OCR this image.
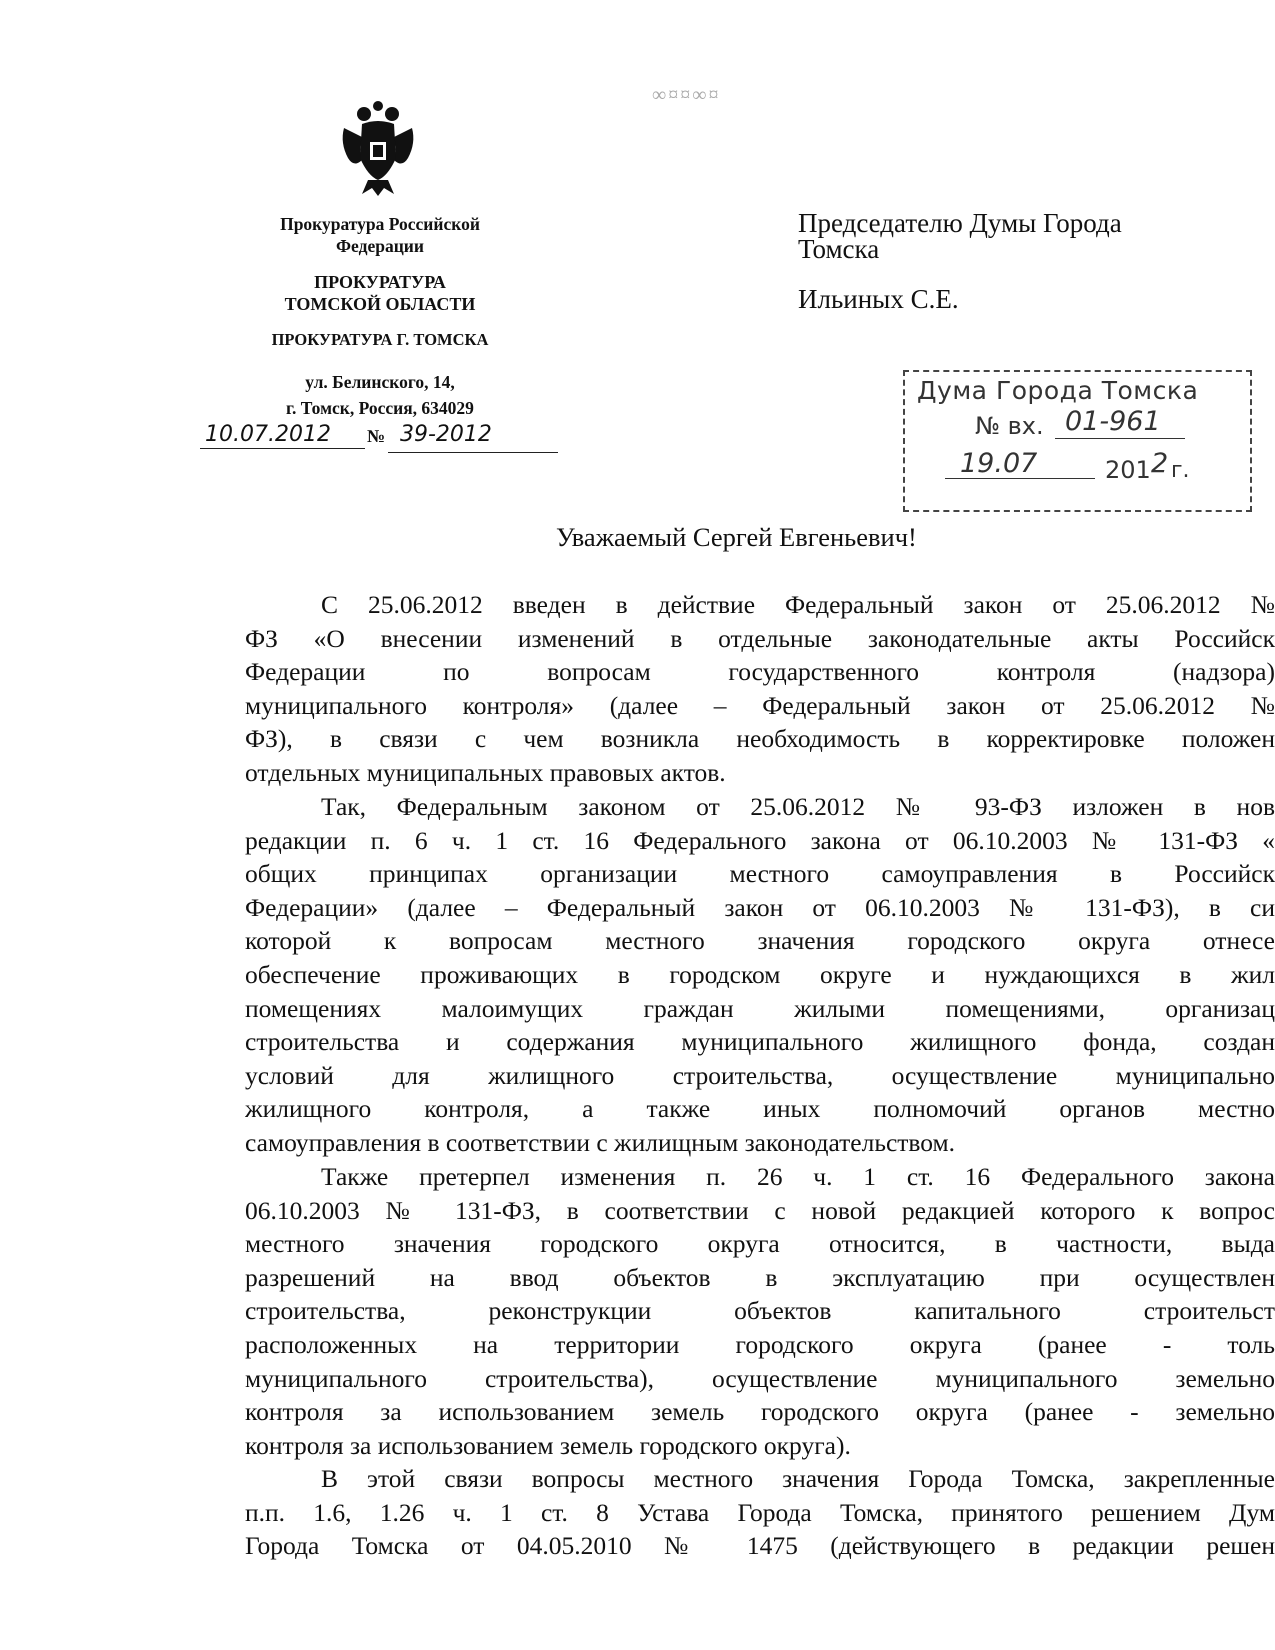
∞¤¤∞¤
Прокуратура Российской
Федерации
ПРОКУРАТУРА
ТОМСКОЙ ОБЛАСТИ
ПРОКУРАТУРА Г. ТОМСКА
ул. Белинского, 14,
г. Томск, Россия, 634029
10.07.2012 № 39-2012
Председателю Думы Города
Томска
Ильиных С.Е.
Дума Города Томска
№ вх. 01-961
19.07	201 2 г.
Уважаемый Сергей Евгеньевич!
С 25.06.2012 введен в действие Федеральный закон от 25.06.2012 №
ФЗ «О внесении изменений в отдельные законодательные акты Российск
Федерации по вопросам государственного контроля (надзора)
муниципального контроля» (далее – Федеральный закон от 25.06.2012 №
ФЗ), в связи с чем возникла необходимость в корректировке положен
отдельных муниципальных правовых актов.
Так, Федеральным законом от 25.06.2012 № 93-ФЗ изложен в нов
редакции п. 6 ч. 1 ст. 16 Федерального закона от 06.10.2003 № 131-ФЗ «
общих принципах организации местного самоуправления в Российск
Федерации» (далее – Федеральный закон от 06.10.2003 № 131-ФЗ), в си
которой к вопросам местного значения городского округа отнесе
обеспечение проживающих в городском округе и нуждающихся в жил
помещениях малоимущих граждан жилыми помещениями, организац
строительства и содержания муниципального жилищного фонда, создан
условий для жилищного строительства, осуществление муниципально
жилищного контроля, а также иных полномочий органов местно
самоуправления в соответствии с жилищным законодательством.
Также претерпел изменения п. 26 ч. 1 ст. 16 Федерального закона
06.10.2003 № 131-ФЗ, в соответствии с новой редакцией которого к вопрос
местного значения городского округа относится, в частности, выда
разрешений на ввод объектов в эксплуатацию при осуществлен
строительства, реконструкции объектов капитального строительст
расположенных на территории городского округа (ранее - толь
муниципального строительства), осуществление муниципального земельно
контроля за использованием земель городского округа (ранее - земельно
контроля за использованием земель городского округа).
В этой связи вопросы местного значения Города Томска, закрепленные
п.п. 1.6, 1.26 ч. 1 ст. 8 Устава Города Томска, принятого решением Дум
Города Томска от 04.05.2010 № 1475 (действующего в редакции решен
